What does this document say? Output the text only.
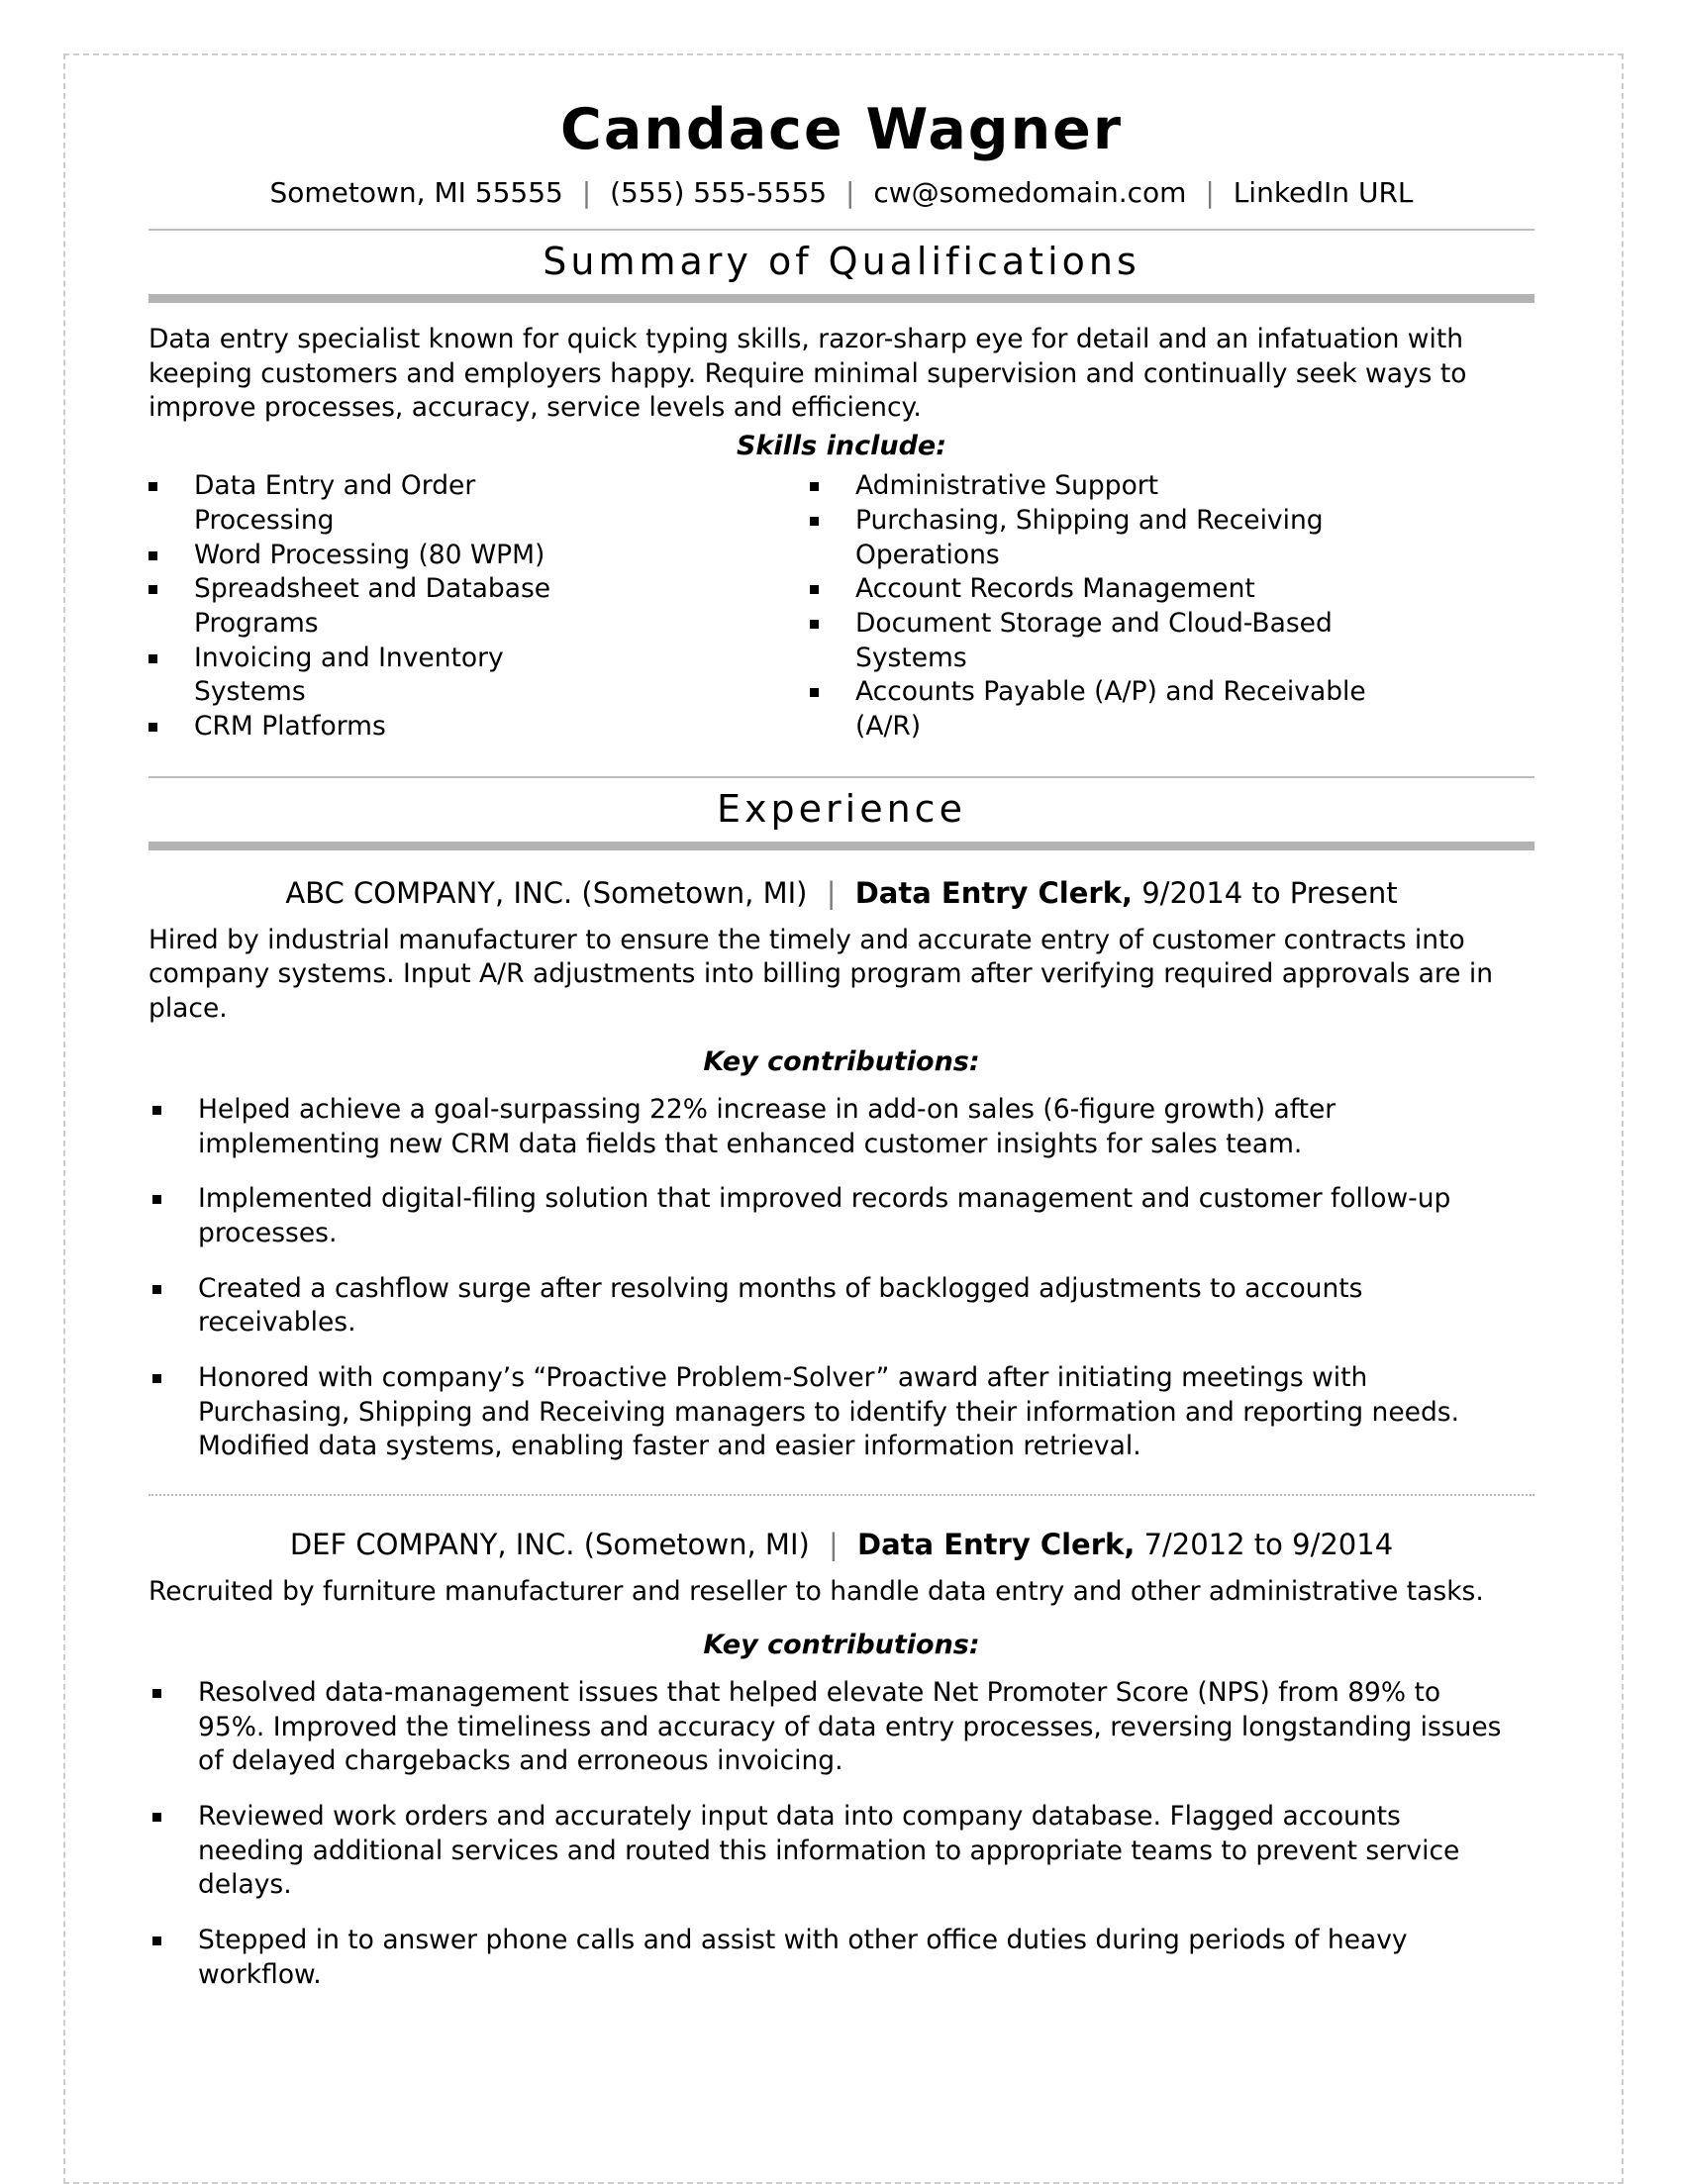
Candace Wagner
Sometown, MI 55555 | (555) 555-5555 | cw@somedomain.com | LinkedIn URL
Summary of Qualifications

Data entry specialist known for quick typing skills, razor-sharp eye for detail and an infatuation with keeping customers and employers happy. Require minimal supervision and continually seek ways to improve processes, accuracy, service levels and efficiency.

Skills include:
Data Entry and Order Processing
Word Processing (80 WPM)
Spreadsheet and Database Programs
Invoicing and Inventory Systems
CRM Platforms
Administrative Support
Purchasing, Shipping and Receiving Operations
Account Records Management
Document Storage and Cloud-Based Systems
Accounts Payable (A/P) and Receivable (A/R)
Experience
ABC COMPANY, INC. (Sometown, MI) | Data Entry Clerk, 9/2014 to Present

Hired by industrial manufacturer to ensure the timely and accurate entry of customer contracts into company systems. Input A/R adjustments into billing program after verifying required approvals are in place.

Key contributions:
Helped achieve a goal-surpassing 22% increase in add-on sales (6-figure growth) after implementing new CRM data fields that enhanced customer insights for sales team.
Implemented digital-filing solution that improved records management and customer follow-up processes.
Created a cashflow surge after resolving months of backlogged adjustments to accounts receivables.
Honored with company’s “Proactive Problem-Solver” award after initiating meetings with Purchasing, Shipping and Receiving managers to identify their information and reporting needs. Modified data systems, enabling faster and easier information retrieval.
DEF COMPANY, INC. (Sometown, MI) | Data Entry Clerk, 7/2012 to 9/2014

Recruited by furniture manufacturer and reseller to handle data entry and other administrative tasks.

Key contributions:
Resolved data-management issues that helped elevate Net Promoter Score (NPS) from 89% to 95%. Improved the timeliness and accuracy of data entry processes, reversing longstanding issues of delayed chargebacks and erroneous invoicing.
Reviewed work orders and accurately input data into company database. Flagged accounts needing additional services and routed this information to appropriate teams to prevent service delays.
Stepped in to answer phone calls and assist with other office duties during periods of heavy workflow.
